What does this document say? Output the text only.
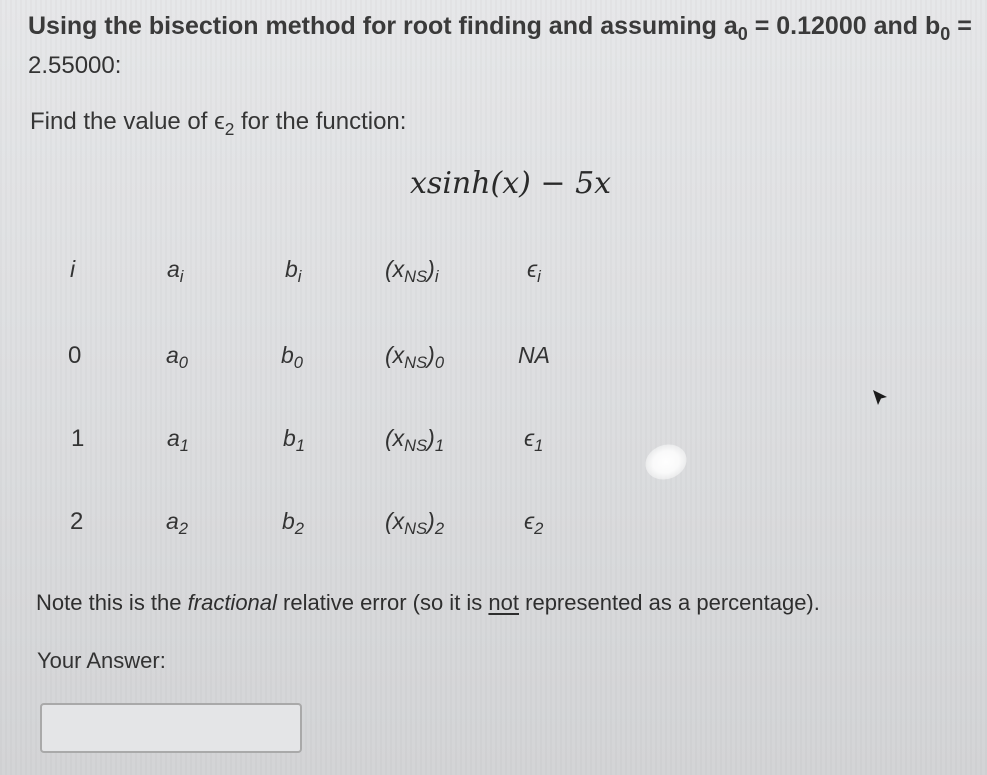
Using the bisection method for root finding and assuming $a_0 = 0.12000$ and $b_0$ =
2.55000:
Find the value of $\epsilon_2$ for the function:
xsinh(x) − 5x
i	$a_i$	$b_i$	$(x_{NS})_i$	$\epsilon_i$
0	$a_0$	$b_0$	$(x_{NS})_0$	NA
1	$a_1$	$b_1$	$(x_{NS})_1$	$\epsilon_1$
2	$a_2$	$b_2$	$(x_{NS})_2$	$\epsilon_2$
Note this is the fractional relative error (so it is not represented as a percentage).
Your Answer:
